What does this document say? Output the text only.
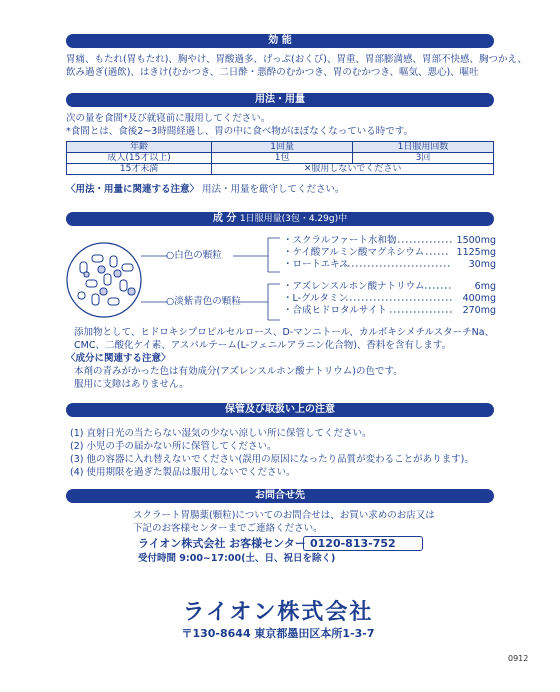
効 能
胃痛、もたれ(胃もたれ)、胸やけ、胃酸過多、げっぷ(おくび)、胃重、胃部膨満感、胃部不快感、胸つかえ、
飲み過ぎ(過飲)、はきけ(むかつき、二日酔・悪酔のむかつき、胃のむかつき、嘔気、悪心)、嘔吐
用法・用量
次の量を食間*及び就寝前に服用してください。
*食間とは、食後2~3時間経過し、胃の中に食べ物がほぼなくなっている時です。
年齢	1回量	1日服用回数
成人(15才以上)	1包	3回
15才未満	✕服用しないでください	
〈用法・用量に関連する注意〉 用法・用量を厳守してください。
成 分 1日服用量(3包・4.29g)中
○白色の顆粒
○淡紫青色の顆粒
・スクラルファート水和物	1500mg
・ケイ酸アルミン酸マグネシウム	1125mg
・ロートエキス	30mg
・アズレンスルホン酸ナトリウム	6mg
・L-グルタミン	400mg
・合成ヒドロタルサイト	270mg
添加物として、ヒドロキシプロピルセルロース、D-マンニトール、カルボキシメチルスターチNa、
CMC、二酸化ケイ素、アスパルテーム(L-フェニルアラニン化合物)、香料を含有します。
〈成分に関連する注意〉
本剤の青みがかった色は有効成分(アズレンスルホン酸ナトリウム)の色です。
服用に支障はありません。
保管及び取扱い上の注意
(1) 直射日光の当たらない湿気の少ない涼しい所に保管してください。
(2) 小児の手の届かない所に保管してください。
(3) 他の容器に入れ替えないでください(誤用の原因になったり品質が変わることがあります)。
(4) 使用期限を過ぎた製品は服用しないでください。
お問合せ先
スクラート胃腸薬(顆粒)についてのお問合せは、お買い求めのお店又は
下記のお客様センターまでご連絡ください。
ライオン株式会社 お客様センター 0120-813-752
受付時間 9:00~17:00(土、日、祝日を除く)
ライオン株式会社
〒130-8644 東京都墨田区本所1-3-7
0912
